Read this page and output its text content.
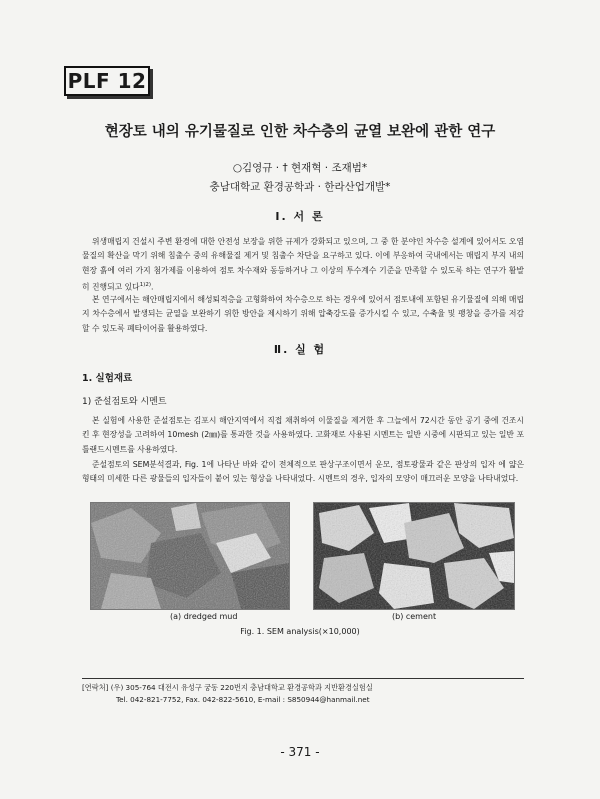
PLF 12
현장토 내의 유기물질로 인한 차수층의 균열 보완에 관한 연구
○김영규 · † 현재혁 · 조재범*
충남대학교 환경공학과 · 한라산업개발*
Ⅰ. 서 론

위생매립지 건설시 주변 환경에 대한 안전성 보장을 위한 규제가 강화되고 있으며, 그 중 한 분야인 차수층 설계에 있어서도 오염물질의 확산을 막기 위해 침출수 중의 유해물질 제거 및 침출수 차단을 요구하고 있다. 이에 부응하여 국내에서는 매립지 부지 내의 현장 흙에 여러 가지 첨가제를 이용하여 점토 차수재와 동등하거나 그 이상의 투수계수 기준을 만족할 수 있도록 하는 연구가 활발히 진행되고 있다$^{1)2)}$.

본 연구에서는 해안매립지에서 해성퇴적층을 고형화하여 차수층으로 하는 경우에 있어서 점토내에 포함된 유기물질에 의해 매립지 차수층에서 발생되는 균열을 보완하기 위한 방안을 제시하기 위해 압축강도를 증가시킬 수 있고, 수축율 및 팽창을 증가를 저감할 수 있도록 폐타이어를 활용하였다.

Ⅱ. 실 험
1. 실험재료
1) 준설점토와 시멘트

본 실험에 사용한 준설점토는 김포시 해안지역에서 직접 채취하여 이물질을 제거한 후 그늘에서 72시간 동안 공기 중에 건조시킨 후 현장성을 고려하여 10mesh (2㎜)를 통과한 것을 사용하였다. 고화재로 사용된 시멘트는 일반 시중에 시판되고 있는 일반 포틀랜드시멘트를 사용하였다.

준설점토의 SEM분석결과, Fig. 1에 나타난 바와 같이 전체적으로 판상구조이면서 운모, 점토광물과 같은 판상의 입자 에 얇은 형태의 미세한 다른 광물들의 입자들이 붙어 있는 형상을 나타내었다. 시멘트의 경우, 입자의 모양이 매끄러운 모양을 나타내었다.

(a) dredged mud	(b) cement
Fig. 1. SEM analysis(×10,000)
[연락처] (우) 305-764 대전시 유성구 궁동 220번지 충남대학교 환경공학과 지반환경실험실
Tel. 042-821-7752, Fax. 042-822-5610, E-mail : S850944@hanmail.net
- 371 -
